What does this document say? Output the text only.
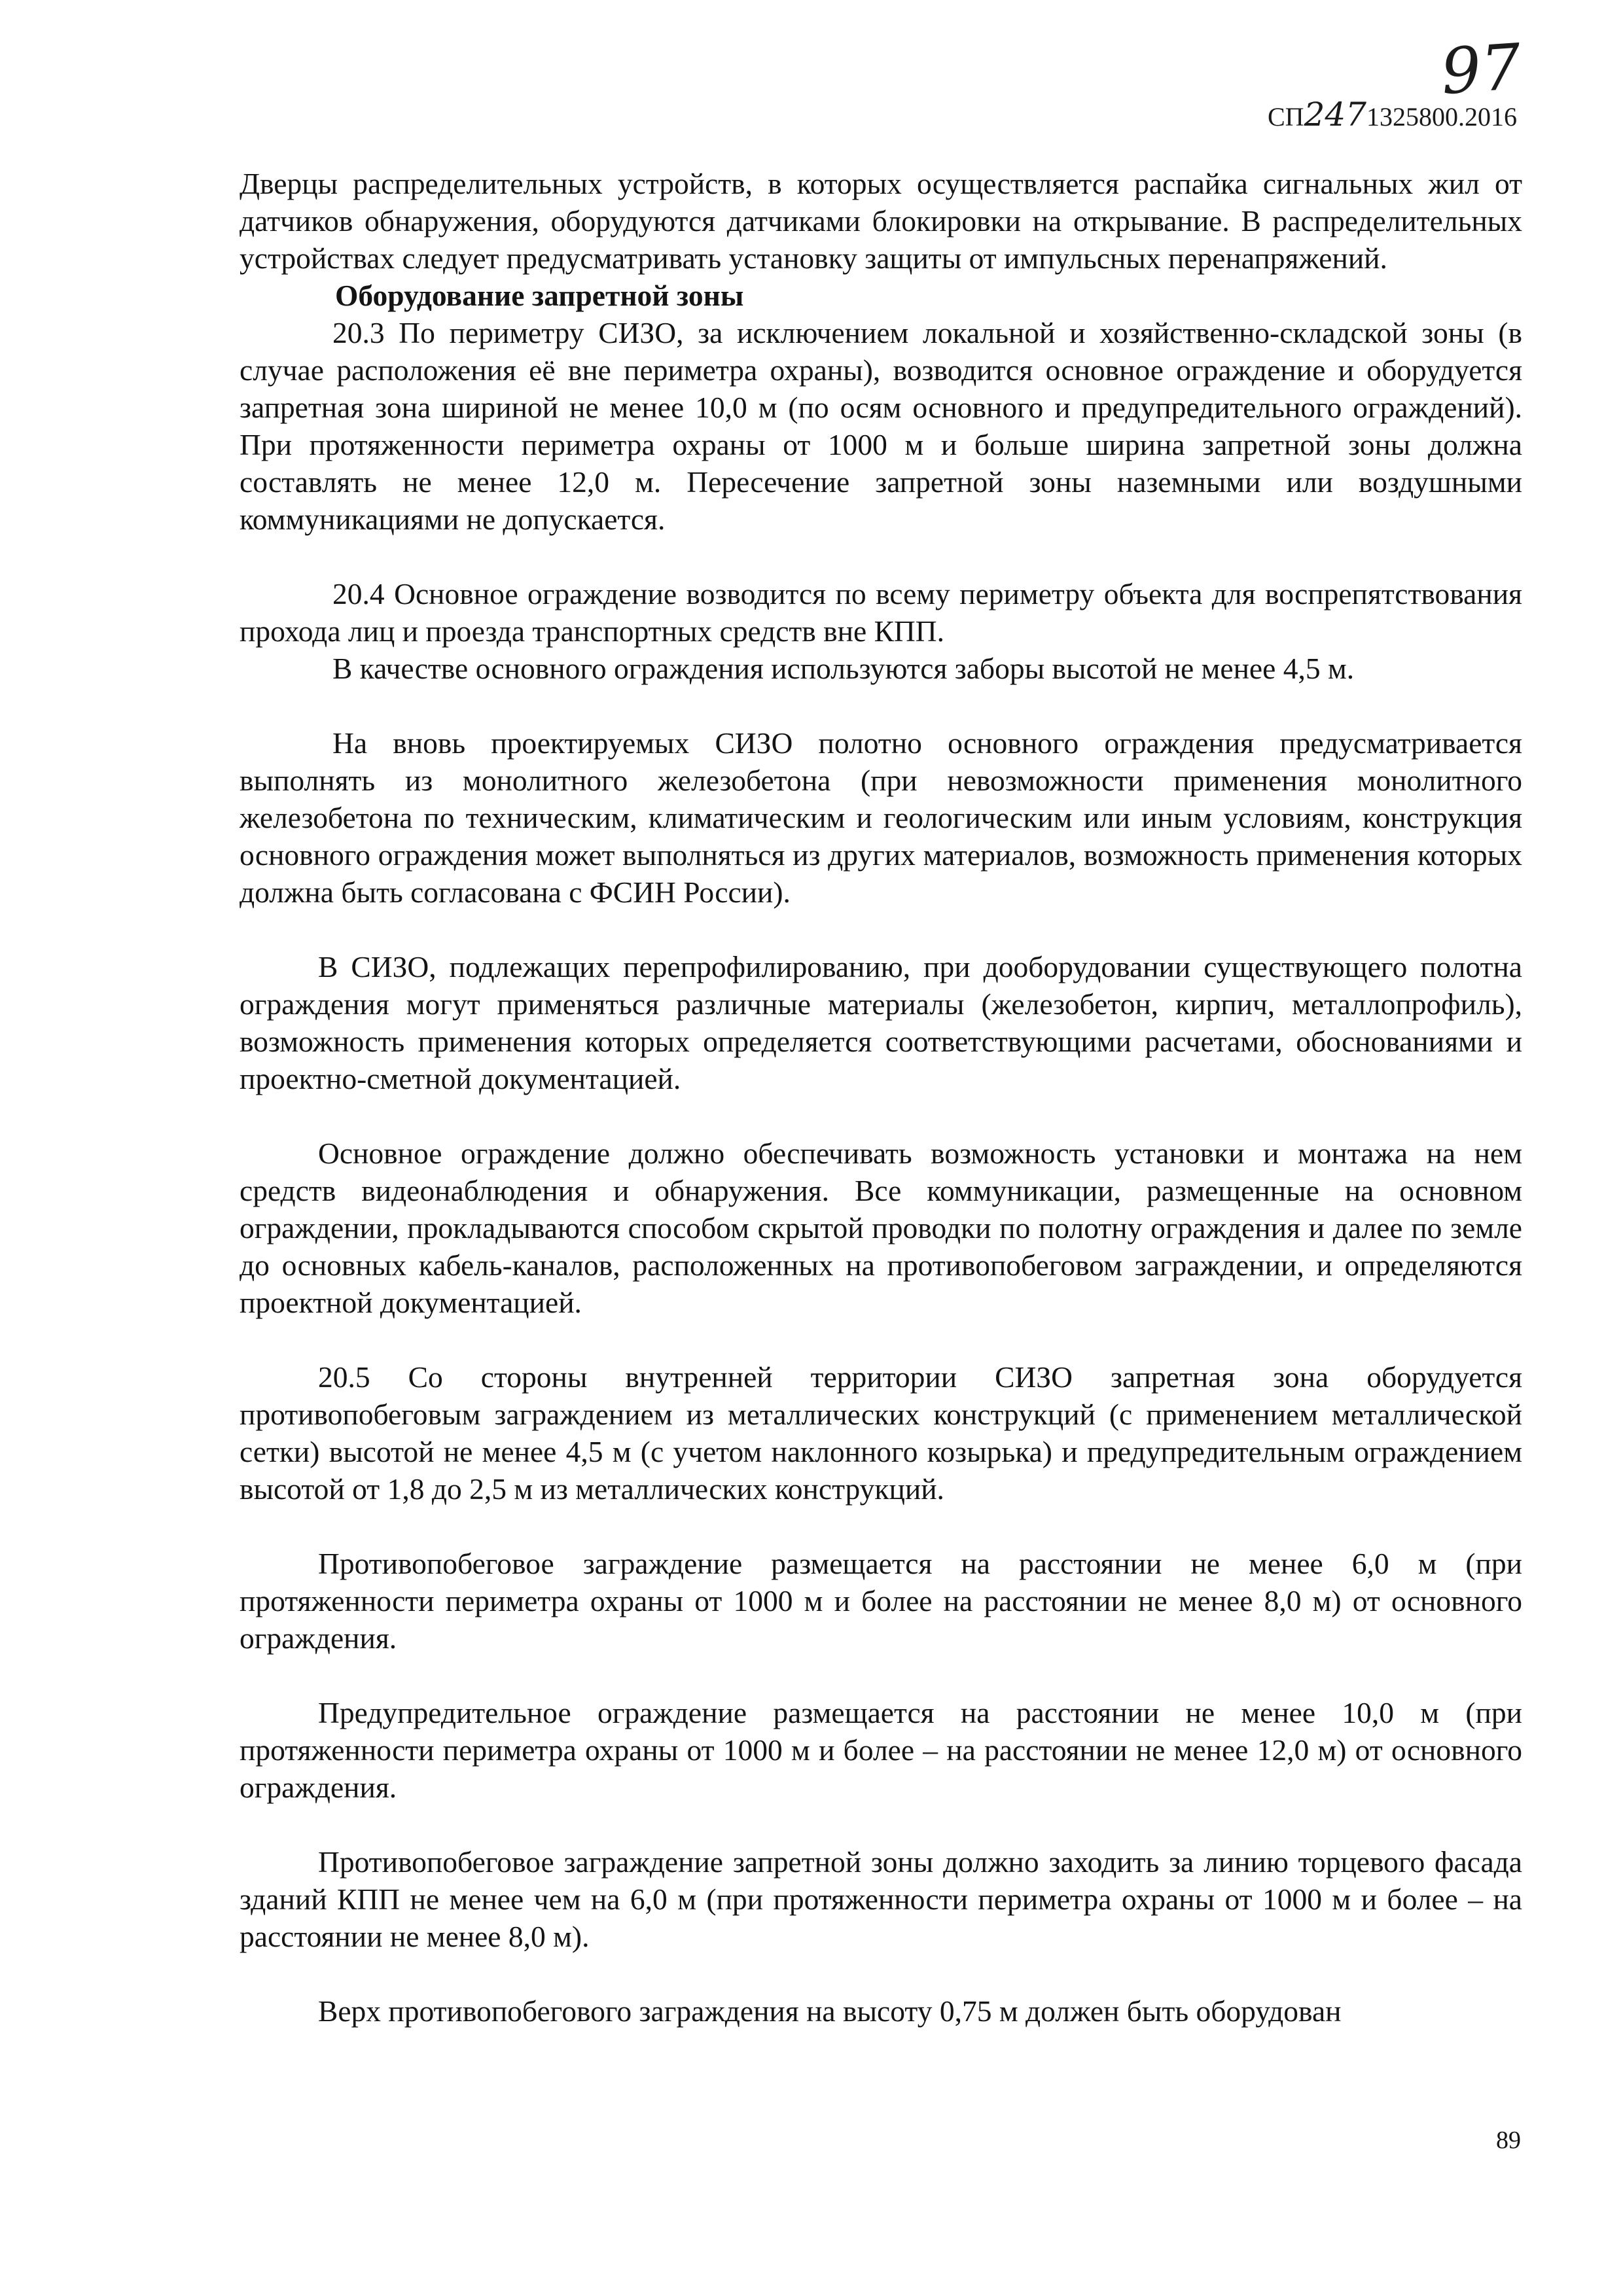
97
СП2471325800.2016

Дверцы распределительных устройств, в которых осуществляется распайка сигнальных жил от датчиков обнаружения, оборудуются датчиками блокировки на открывание. В распределительных устройствах следует предусматривать установку защиты от импульсных перенапряжений.

Оборудование запретной зоны

20.3 По периметру СИЗО, за исключением локальной и хозяйственно-складской зоны (в случае расположения её вне периметра охраны), возводится основное ограждение и оборудуется запретная зона шириной не менее 10,0 м (по осям основного и предупредительного ограждений). При протяженности периметра охраны от 1000 м и больше ширина запретной зоны должна составлять не менее 12,0 м. Пересечение запретной зоны наземными или воздушными коммуникациями не допускается.

20.4 Основное ограждение возводится по всему периметру объекта для воспрепятствования прохода лиц и проезда транспортных средств вне КПП.

В качестве основного ограждения используются заборы высотой не менее 4,5 м.

На вновь проектируемых СИЗО полотно основного ограждения предусматривается выполнять из монолитного железобетона (при невозможности применения монолитного железобетона по техническим, климатическим и геологическим или иным условиям, конструкция основного ограждения может выполняться из других материалов, возможность применения которых должна быть согласована с ФСИН России).

В СИЗО, подлежащих перепрофилированию, при дооборудовании существующего полотна ограждения могут применяться различные материалы (железобетон, кирпич, металлопрофиль), возможность применения которых определяется соответствующими расчетами, обоснованиями и проектно-сметной документацией.

Основное ограждение должно обеспечивать возможность установки и монтажа на нем средств видеонаблюдения и обнаружения. Все коммуникации, размещенные на основном ограждении, прокладываются способом скрытой проводки по полотну ограждения и далее по земле до основных кабель-каналов, расположенных на противопобеговом заграждении, и определяются проектной документацией.

20.5 Со стороны внутренней территории СИЗО запретная зона оборудуется противопобеговым заграждением из металлических конструкций (с применением металлической сетки) высотой не менее 4,5 м (с учетом наклонного козырька) и предупредительным ограждением высотой от 1,8 до 2,5 м из металлических конструкций.

Противопобеговое заграждение размещается на расстоянии не менее 6,0 м (при протяженности периметра охраны от 1000 м и более на расстоянии не менее 8,0 м) от основного ограждения.

Предупредительное ограждение размещается на расстоянии не менее 10,0 м (при протяженности периметра охраны от 1000 м и более – на расстоянии не менее 12,0 м) от основного ограждения.

Противопобеговое заграждение запретной зоны должно заходить за линию торцевого фасада зданий КПП не менее чем на 6,0 м (при протяженности периметра охраны от 1000 м и более – на расстоянии не менее 8,0 м).

Верх противопобегового заграждения на высоту 0,75 м должен быть оборудован

89
